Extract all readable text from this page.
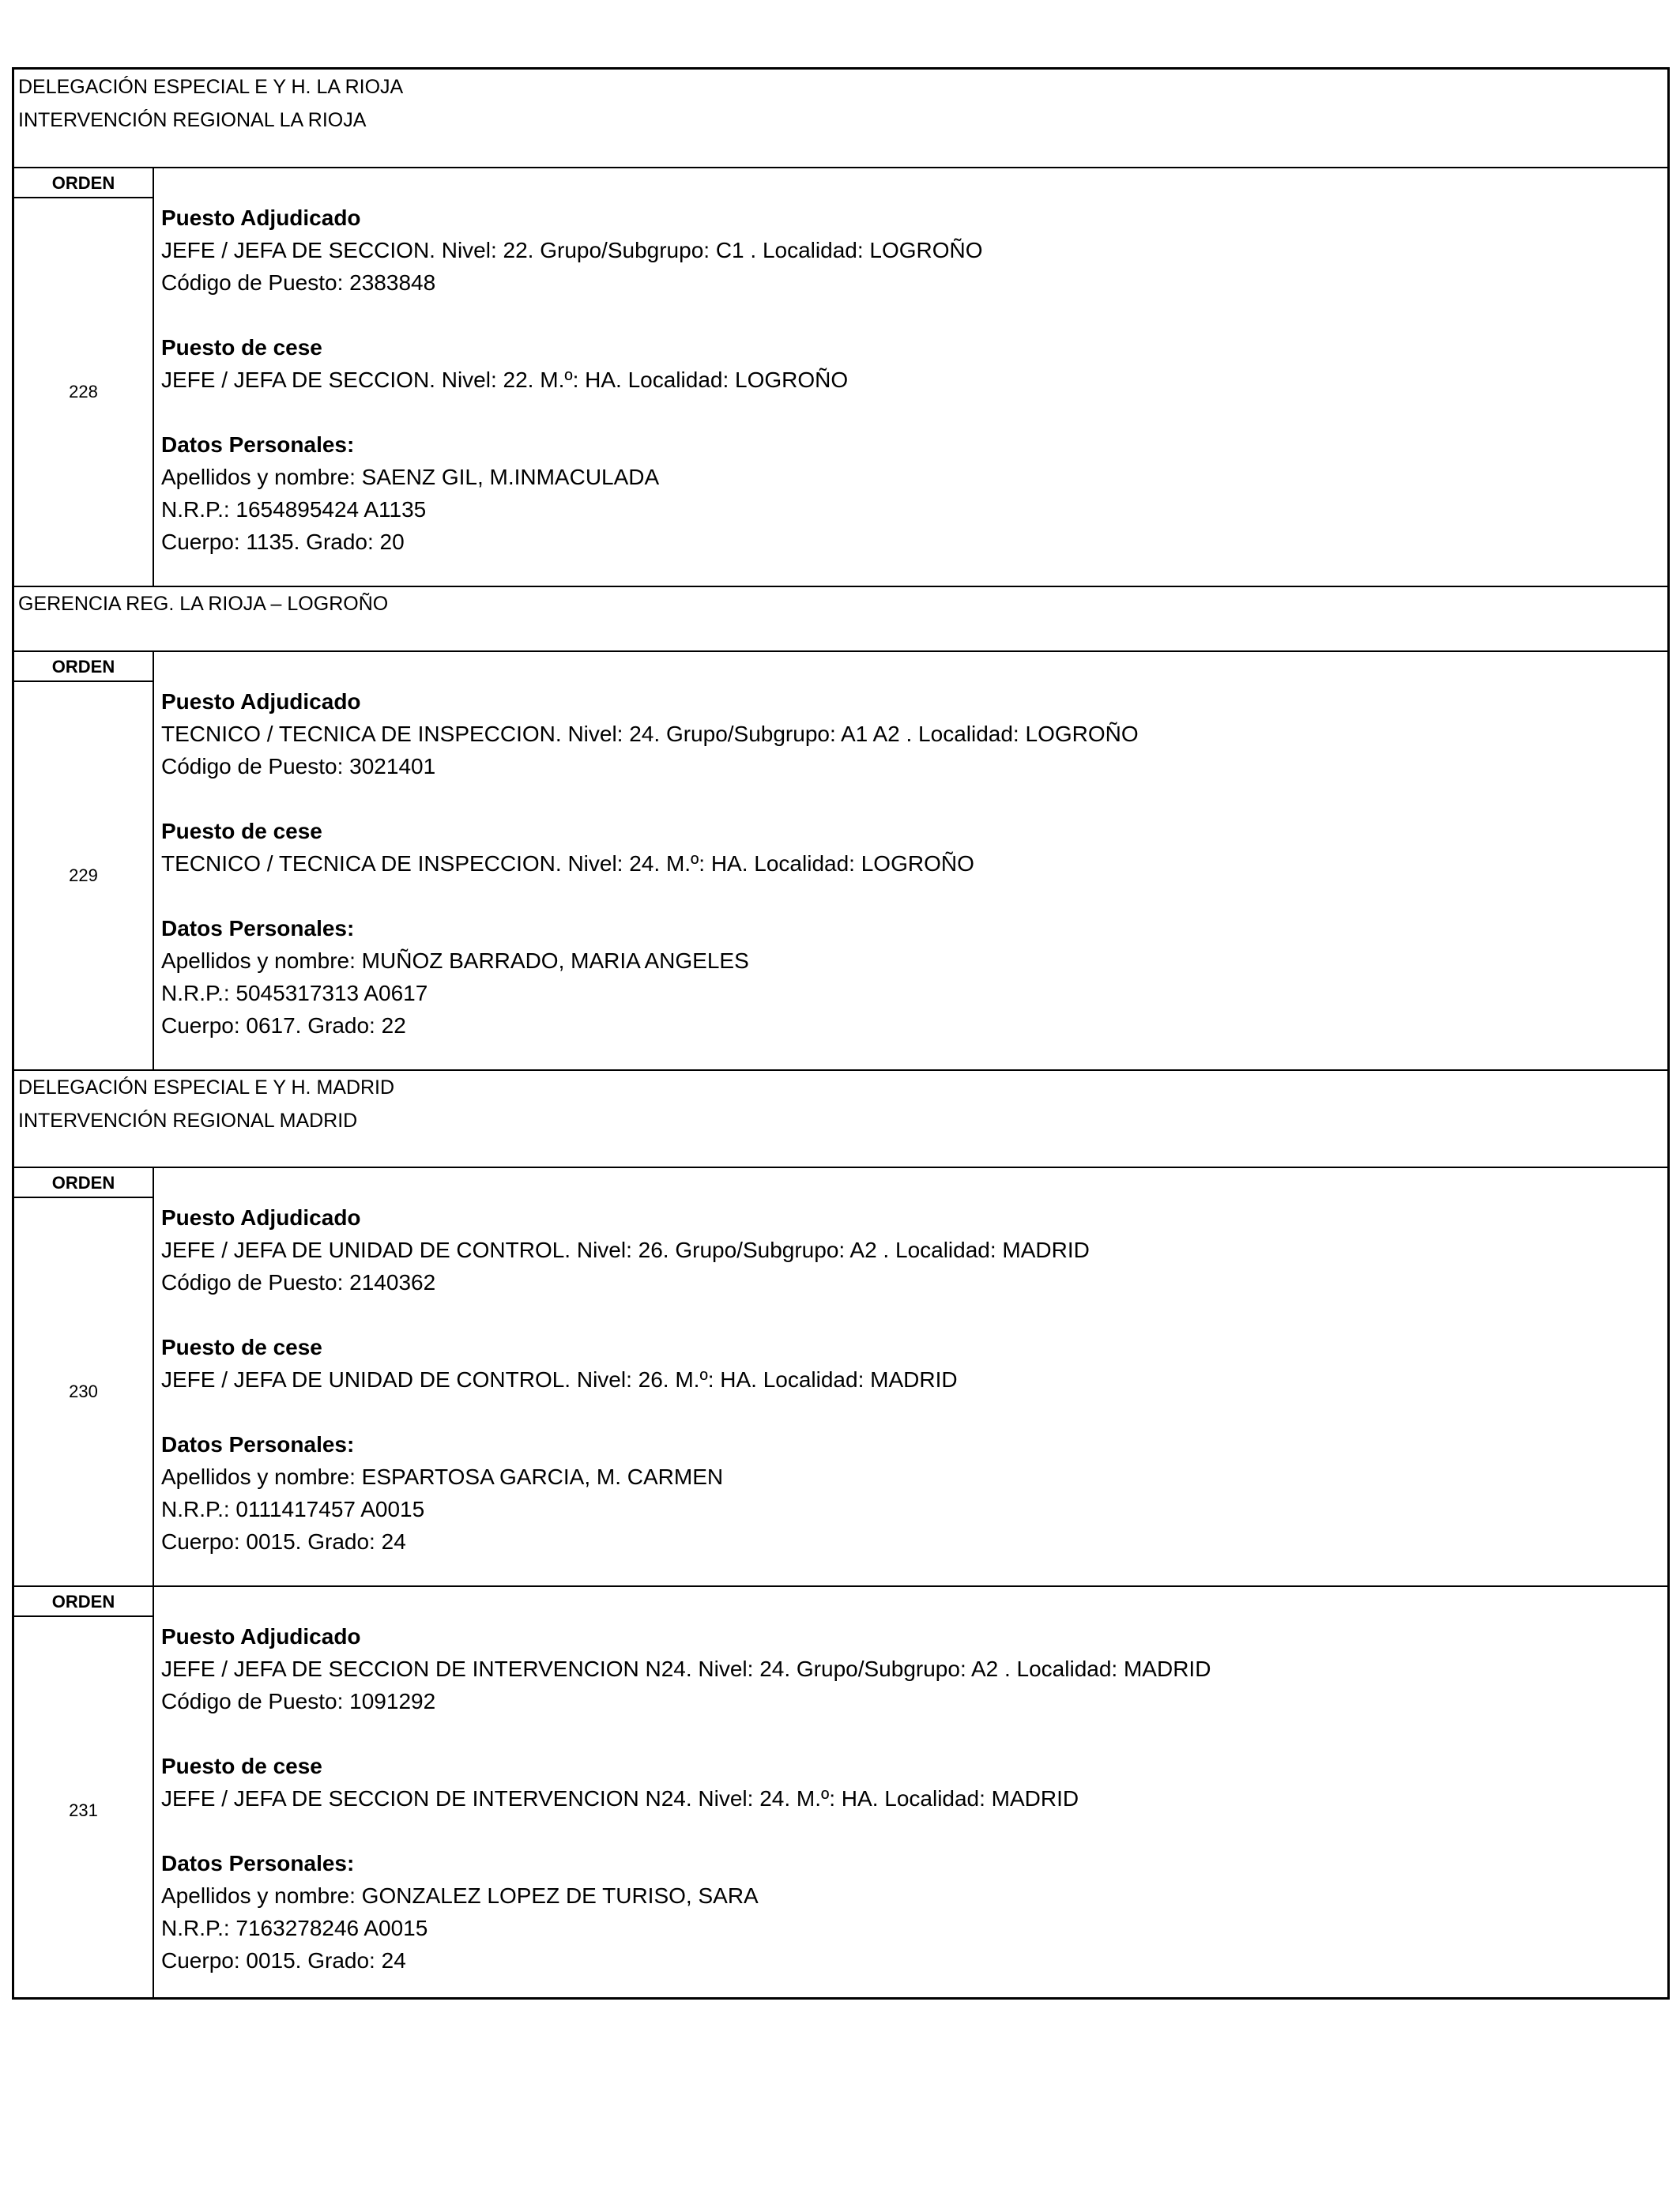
DELEGACIÓN ESPECIAL E Y H. LA RIOJA
INTERVENCIÓN REGIONAL LA RIOJA
ORDEN
228
Puesto Adjudicado
JEFE / JEFA DE SECCION. Nivel: 22. Grupo/Subgrupo: C1 . Localidad: LOGROÑO
Código de Puesto: 2383848
Puesto de cese
JEFE / JEFA DE SECCION. Nivel: 22. M.º: HA. Localidad: LOGROÑO
Datos Personales:
Apellidos y nombre: SAENZ GIL, M.INMACULADA
N.R.P.: 1654895424 A1135
Cuerpo: 1135. Grado: 20
GERENCIA REG. LA RIOJA – LOGROÑO
ORDEN
229
Puesto Adjudicado
TECNICO / TECNICA DE INSPECCION. Nivel: 24. Grupo/Subgrupo: A1 A2 . Localidad: LOGROÑO
Código de Puesto: 3021401
Puesto de cese
TECNICO / TECNICA DE INSPECCION. Nivel: 24. M.º: HA. Localidad: LOGROÑO
Datos Personales:
Apellidos y nombre: MUÑOZ BARRADO, MARIA ANGELES
N.R.P.: 5045317313 A0617
Cuerpo: 0617. Grado: 22
DELEGACIÓN ESPECIAL E Y H. MADRID
INTERVENCIÓN REGIONAL MADRID
ORDEN
230
Puesto Adjudicado
JEFE / JEFA DE UNIDAD DE CONTROL. Nivel: 26. Grupo/Subgrupo: A2 . Localidad: MADRID
Código de Puesto: 2140362
Puesto de cese
JEFE / JEFA DE UNIDAD DE CONTROL. Nivel: 26. M.º: HA. Localidad: MADRID
Datos Personales:
Apellidos y nombre: ESPARTOSA GARCIA, M. CARMEN
N.R.P.: 0111417457 A0015
Cuerpo: 0015. Grado: 24
ORDEN
231
Puesto Adjudicado
JEFE / JEFA DE SECCION DE INTERVENCION N24. Nivel: 24. Grupo/Subgrupo: A2 . Localidad: MADRID
Código de Puesto: 1091292
Puesto de cese
JEFE / JEFA DE SECCION DE INTERVENCION N24. Nivel: 24. M.º: HA. Localidad: MADRID
Datos Personales:
Apellidos y nombre: GONZALEZ LOPEZ DE TURISO, SARA
N.R.P.: 7163278246 A0015
Cuerpo: 0015. Grado: 24
